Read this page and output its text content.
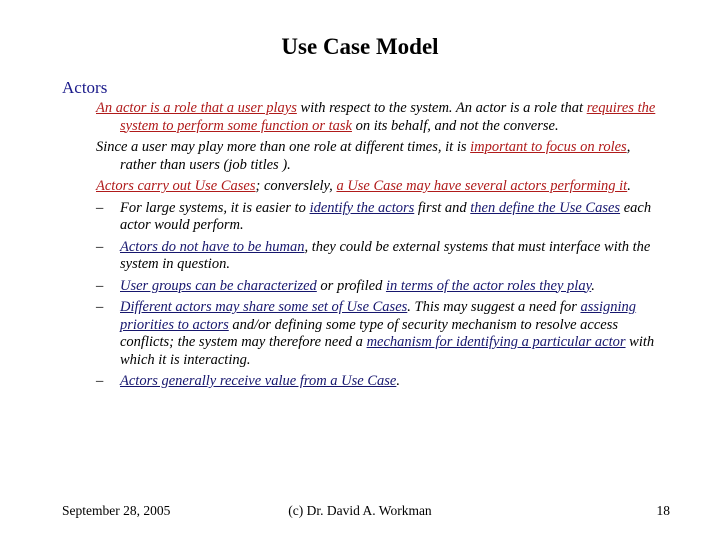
Use Case Model
Actors

An actor is a role that a user plays with respect to the system. An actor is a role that requires the system to perform some function or task on its behalf, and not the converse.

Since a user may play more than one role at different times, it is important to focus on roles, rather than users (job titles ).

Actors carry out Use Cases; converslely, a Use Case may have several actors performing it.

– For large systems, it is easier to identify the actors first and then define the Use Cases each actor would perform.
– Actors do not have to be human, they could be external systems that must interface with the system in question.
– User groups can be characterized or profiled in terms of the actor roles they play.
– Different actors may share some set of Use Cases. This may suggest a need for assigning priorities to actors and/or defining some type of security mechanism to resolve access conflicts; the system may therefore need a mechanism for identifying a particular actor with which it is interacting.
– Actors generally receive value from a Use Case.
September 28, 2005	(c) Dr. David A. Workman	18
